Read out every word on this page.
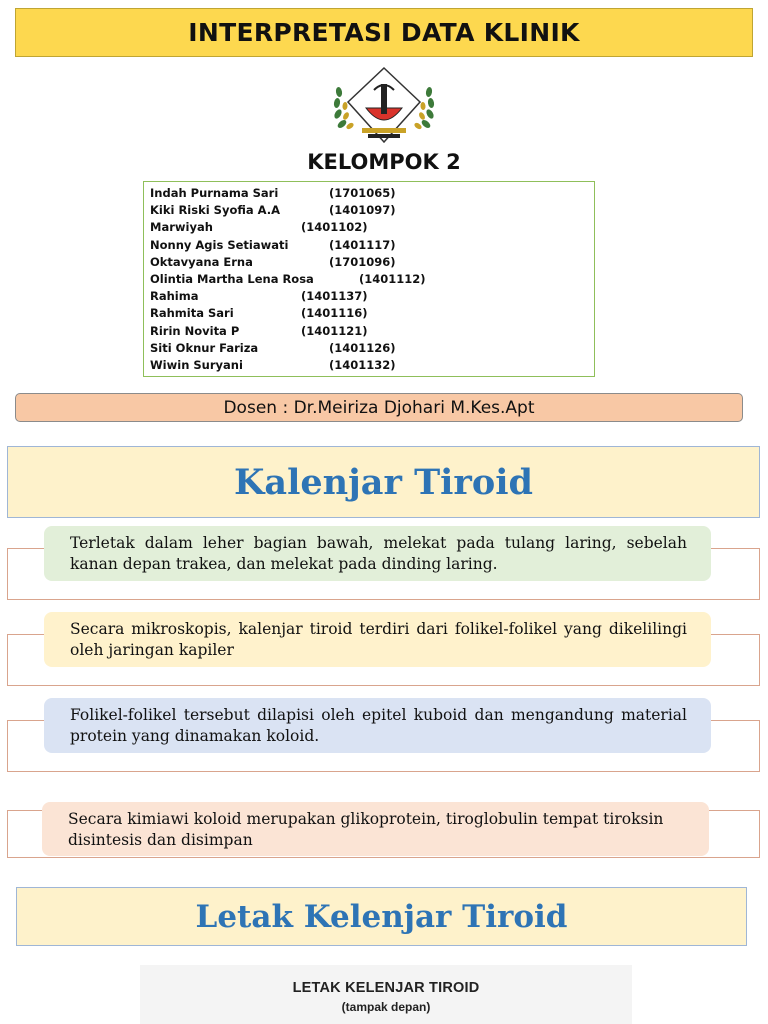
INTERPRETASI DATA KLINIK
KELOMPOK 2
Indah Purnama Sari	(1701065)
Kiki Riski Syofia A.A	(1401097)
Marwiyah	(1401102)
Nonny Agis Setiawati	(1401117)
Oktavyana Erna	(1701096)
Olintia Martha Lena Rosa	(1401112)
Rahima	(1401137)
Rahmita Sari	(1401116)
Ririn Novita P	(1401121)
Siti Oknur Fariza	(1401126)
Wiwin Suryani	(1401132)
Dosen : Dr.Meiriza Djohari M.Kes.Apt
Kalenjar Tiroid
Terletak dalam leher bagian bawah, melekat pada tulang laring, sebelah kanan depan trakea, dan melekat pada dinding laring.
Secara mikroskopis, kalenjar tiroid terdiri dari folikel-folikel yang dikelilingi oleh jaringan kapiler
Folikel-folikel tersebut dilapisi oleh epitel kuboid dan mengandung material protein yang dinamakan koloid.
Secara kimiawi koloid merupakan glikoprotein, tiroglobulin tempat tiroksin disintesis dan disimpan
Letak Kelenjar Tiroid
LETAK KELENJAR TIROID
(tampak depan)
